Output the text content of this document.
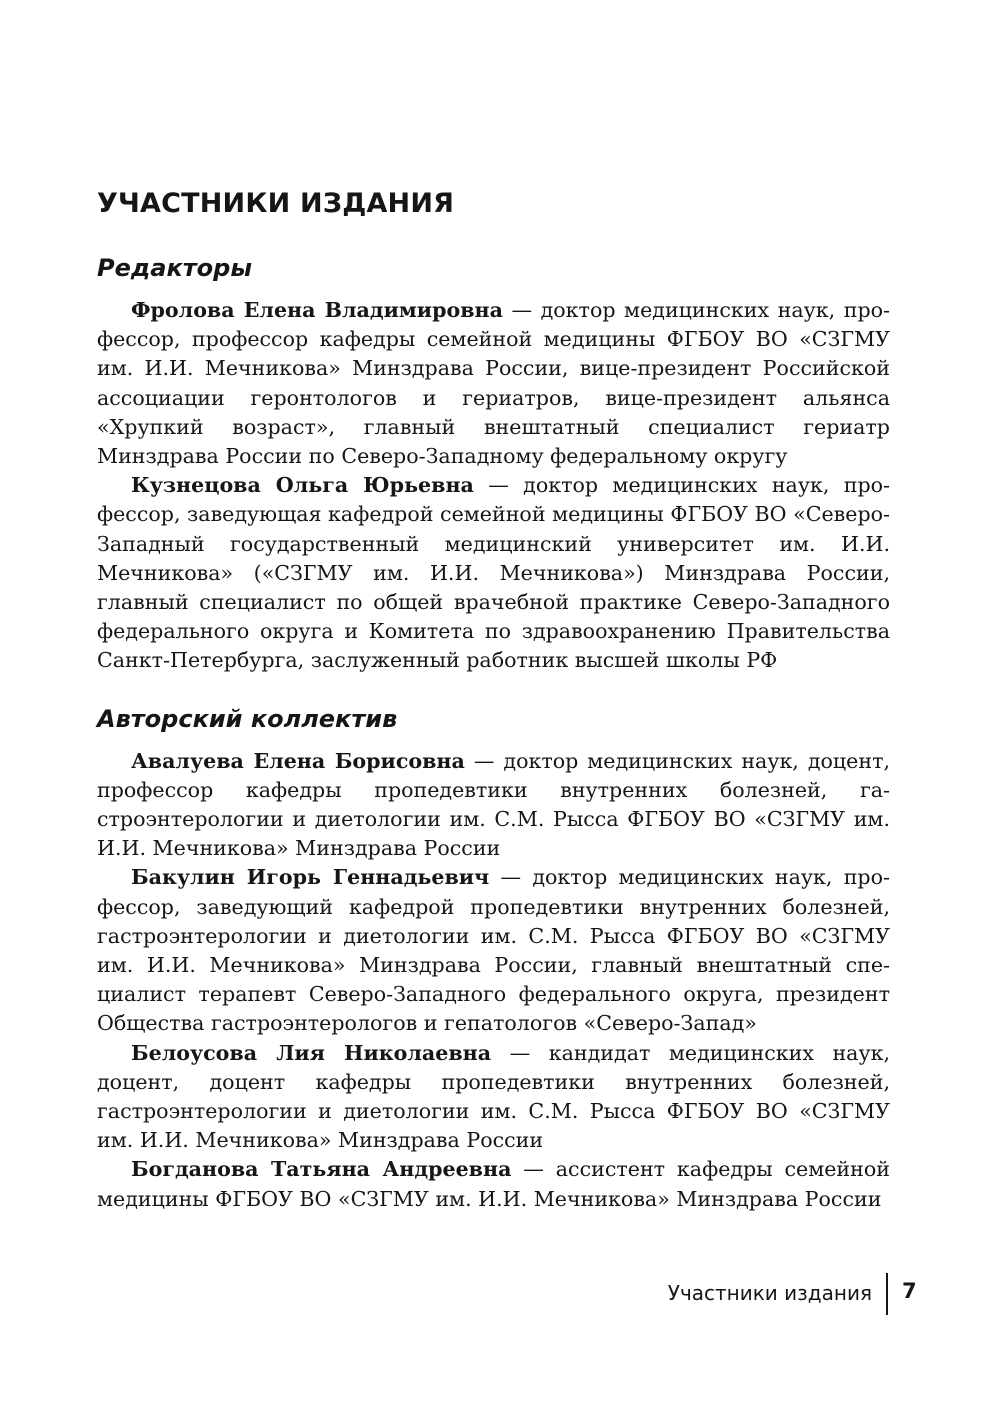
УЧАСТНИКИ ИЗДАНИЯ
Редакторы

Фролова Елена Владимировна — доктор медицинских наук, профессор, профессор кафедры семейной медицины ФГБОУ ВО «СЗГМУ им. И.И. Мечникова» Минздрава России, вице-президент Российской ассоциации геронтологов и гериатров, вице-президент альянса «Хрупкий возраст», главный внештатный специалист гериатр Минздрава России по Северо-Западному федеральному округу

Кузнецова Ольга Юрьевна — доктор медицинских наук, профессор, заведующая кафедрой семейной медицины ФГБОУ ВО «Северо-Западный государственный медицинский университет им. И.И. Мечникова» («СЗГМУ им. И.И. Мечникова») Минздрава России, главный специалист по общей врачебной практике Северо-Западного федерального округа и Комитета по здравоохранению Правительства Санкт-Петербурга, заслуженный работник высшей школы РФ

Авторский коллектив

Авалуева Елена Борисовна — доктор медицинских наук, доцент, профессор кафедры пропедевтики внутренних болезней, гастроэнтерологии и диетологии им. С.М. Рысса ФГБОУ ВО «СЗГМУ им. И.И. Мечникова» Минздрава России

Бакулин Игорь Геннадьевич — доктор медицинских наук, профессор, заведующий кафедрой пропедевтики внутренних болезней, гастроэнтерологии и диетологии им. С.М. Рысса ФГБОУ ВО «СЗГМУ им. И.И. Мечникова» Минздрава России, главный внештатный специалист терапевт Северо-Западного федерального округа, президент Общества гастроэнтерологов и гепатологов «Северо-Запад»

Белоусова Лия Николаевна — кандидат медицинских наук, доцент, доцент кафедры пропедевтики внутренних болезней, гастроэнтерологии и диетологии им. С.М. Рысса ФГБОУ ВО «СЗГМУ им. И.И. Мечникова» Минздрава России

Богданова Татьяна Андреевна — ассистент кафедры семейной медицины ФГБОУ ВО «СЗГМУ им. И.И. Мечникова» Минздрава России

Участники издания 7
